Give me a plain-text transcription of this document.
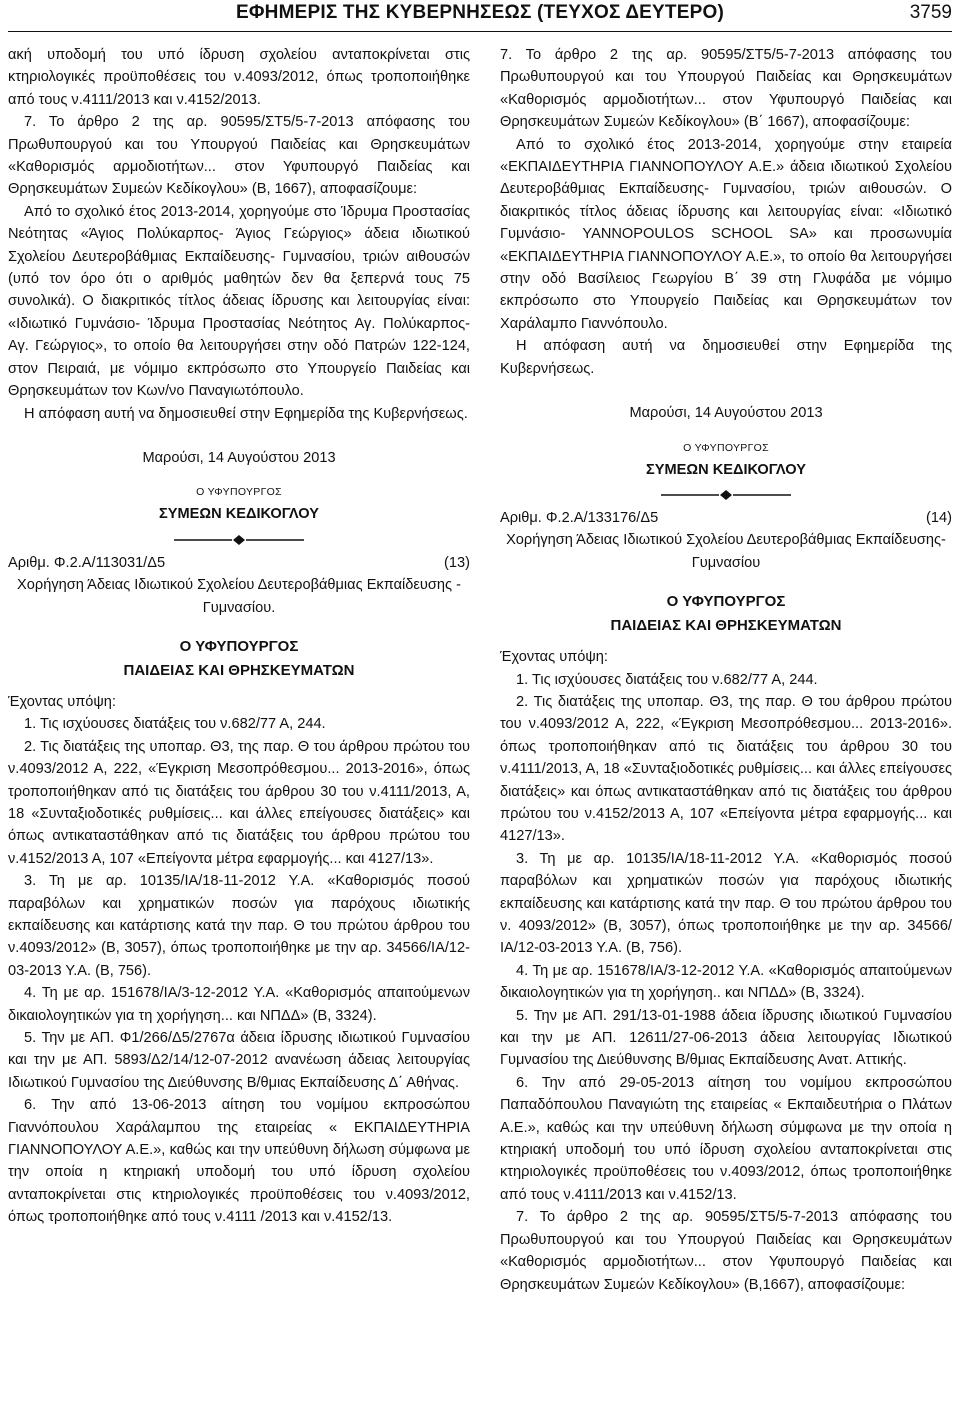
ΕΦΗΜΕΡΙΣ ΤΗΣ ΚΥΒΕΡΝΗΣΕΩΣ (ΤΕΥΧΟΣ ΔΕΥΤΕΡΟ)	3759

ακή υποδομή του υπό ίδρυση σχολείου ανταποκρίνεται στις κτηριολογικές προϋποθέσεις του ν.4093/2012, όπως τροποποιήθηκε από τους ν.4111/2013 και ν.4152/2013.

7. Το άρθρο 2 της αρ. 90595/ΣΤ5/5-7-2013 απόφασης του Πρωθυπουργού και του Υπουργού Παιδείας και Θρησκευμάτων «Καθορισμός αρμοδιοτήτων... στον Υφυπουργό Παιδείας και Θρησκευμάτων Συμεών Κεδίκογλου» (Β, 1667), αποφασίζουμε:

Από το σχολικό έτος 2013-2014, χορηγούμε στο Ίδρυμα Προστασίας Νεότητας «Άγιος Πολύκαρπος- Άγιος Γεώργιος» άδεια ιδιωτικού Σχολείου Δευτεροβάθμιας Εκπαίδευσης- Γυμνασίου, τριών αιθουσών (υπό τον όρο ότι ο αριθμός μαθητών δεν θα ξεπερνά τους 75 συνολικά). Ο διακριτικός τίτλος άδειας ίδρυσης και λειτουργίας είναι: «Ιδιωτικό Γυμνάσιο- Ίδρυμα Προστασίας Νεότητος Αγ. Πολύκαρπος- Αγ. Γεώργιος», το οποίο θα λειτουργήσει στην οδό Πατρών 122-124, στον Πειραιά, με νόμιμο εκπρόσωπο στο Υπουργείο Παιδείας και Θρησκευμάτων τον Κων/νο Παναγιωτόπουλο.

Η απόφαση αυτή να δημοσιευθεί στην Εφημερίδα της Κυβερνήσεως.

Μαρούσι, 14 Αυγούστου 2013

Ο ΥΦΥΠΟΥΡΓΟΣ

ΣΥΜΕΩΝ ΚΕΔΙΚΟΓΛΟΥ

Αριθμ. Φ.2.Α/113031/Δ5	(13)

Χορήγηση Άδειας Ιδιωτικού Σχολείου Δευτεροβάθμιας Εκπαίδευσης - Γυμνασίου.

Ο ΥΦΥΠΟΥΡΓΟΣ
ΠΑΙΔΕΙΑΣ ΚΑΙ ΘΡΗΣΚΕΥΜΑΤΩΝ

Έχοντας υπόψη:

1. Τις ισχύουσες διατάξεις του ν.682/77 Α, 244.

2. Τις διατάξεις της υποπαρ. Θ3, της παρ. Θ του άρθρου πρώτου του ν.4093/2012 Α, 222, «Έγκριση Μεσοπρόθεσμου... 2013-2016», όπως τροποποιήθηκαν από τις διατάξεις του άρθρου 30 του ν.4111/2013, Α, 18 «Συνταξιοδοτικές ρυθμίσεις... και άλλες επείγουσες διατάξεις» και όπως αντικαταστάθηκαν από τις διατάξεις του άρθρου πρώτου του ν.4152/2013 Α, 107 «Επείγοντα μέτρα εφαρμογής... και 4127/13».

3. Τη με αρ. 10135/ΙΑ/18-11-2012 Υ.Α. «Καθορισμός ποσού παραβόλων και χρηματικών ποσών για παρόχους ιδιωτικής εκπαίδευσης και κατάρτισης κατά την παρ. Θ του πρώτου άρθρου του ν.4093/2012» (Β, 3057), όπως τροποποιήθηκε με την αρ. 34566/ΙΑ/12-03-2013 Υ.Α. (Β, 756).

4. Τη με αρ. 151678/ΙΑ/3-12-2012 Υ.Α. «Καθορισμός απαιτούμενων δικαιολογητικών για τη χορήγηση... και ΝΠΔΔ» (Β, 3324).

5. Την με ΑΠ. Φ1/266/Δ5/2767α άδεια ίδρυσης ιδιωτικού Γυμνασίου και την με ΑΠ. 5893/Δ2/14/12-07-2012 ανανέωση άδειας λειτουργίας Ιδιωτικού Γυμνασίου της Διεύθυνσης Β/θμιας Εκπαίδευσης Δ΄ Αθήνας.

6. Την από 13-06-2013 αίτηση του νομίμου εκπροσώπου Γιαννόπουλου Χαράλαμπου της εταιρείας « ΕΚΠΑΙΔΕΥΤΗΡΙΑ ΓΙΑΝΝΟΠΟΥΛΟΥ Α.Ε.», καθώς και την υπεύθυνη δήλωση σύμφωνα με την οποία η κτηριακή υποδομή του υπό ίδρυση σχολείου ανταποκρίνεται στις κτηριολογικές προϋποθέσεις του ν.4093/2012, όπως τροποποιήθηκε από τους ν.4111 /2013 και ν.4152/13.

7. Το άρθρο 2 της αρ. 90595/ΣΤ5/5-7-2013 απόφασης του Πρωθυπουργού και του Υπουργού Παιδείας και Θρησκευμάτων «Καθορισμός αρμοδιοτήτων... στον Υφυπουργό Παιδείας και Θρησκευμάτων Συμεών Κεδίκογλου» (Β΄ 1667), αποφασίζουμε:

Από το σχολικό έτος 2013-2014, χορηγούμε στην εταιρεία «ΕΚΠΑΙΔΕΥΤΗΡΙΑ ΓΙΑΝΝΟΠΟΥΛΟΥ Α.Ε.» άδεια ιδιωτικού Σχολείου Δευτεροβάθμιας Εκπαίδευσης- Γυμνασίου, τριών αιθουσών. Ο διακριτικός τίτλος άδειας ίδρυσης και λειτουργίας είναι: «Ιδιωτικό Γυμνάσιο- YANNOPOULOS SCHOOL SA» και προσωνυμία «ΕΚΠΑΙΔΕΥΤΗΡΙΑ ΓΙΑΝΝΟΠΟΥΛΟΥ Α.Ε.», το οποίο θα λειτουργήσει στην οδό Βασίλειος Γεωργίου Β΄ 39 στη Γλυφάδα με νόμιμο εκπρόσωπο στο Υπουργείο Παιδείας και Θρησκευμάτων τον Χαράλαμπο Γιαννόπουλο.

Η απόφαση αυτή να δημοσιευθεί στην Εφημερίδα της Κυβερνήσεως.

Μαρούσι, 14 Αυγούστου 2013

Ο ΥΦΥΠΟΥΡΓΟΣ

ΣΥΜΕΩΝ ΚΕΔΙΚΟΓΛΟΥ

Αριθμ. Φ.2.Α/133176/Δ5	(14)

Χορήγηση Άδειας Ιδιωτικού Σχολείου Δευτεροβάθμιας Εκπαίδευσης- Γυμνασίου

Ο ΥΦΥΠΟΥΡΓΟΣ
ΠΑΙΔΕΙΑΣ ΚΑΙ ΘΡΗΣΚΕΥΜΑΤΩΝ

Έχοντας υπόψη:

1. Τις ισχύουσες διατάξεις του ν.682/77 Α, 244.

2. Τις διατάξεις της υποπαρ. Θ3, της παρ. Θ του άρθρου πρώτου του ν.4093/2012 Α, 222, «Έγκριση Μεσοπρόθεσμου... 2013-2016». όπως τροποποιήθηκαν από τις διατάξεις του άρθρου 30 του ν.4111/2013, Α, 18 «Συνταξιοδοτικές ρυθμίσεις... και άλλες επείγουσες διατάξεις» και όπως αντικαταστάθηκαν από τις διατάξεις του άρθρου πρώτου του ν.4152/2013 Α, 107 «Επείγοντα μέτρα εφαρμογής... και 4127/13».

3. Τη με αρ. 10135/ΙΑ/18-11-2012 Υ.Α. «Καθορισμός ποσού παραβόλων και χρηματικών ποσών για παρόχους ιδιωτικής εκπαίδευσης και κατάρτισης κατά την παρ. Θ του πρώτου άρθρου του ν. 4093/2012» (Β, 3057), όπως τροποποιήθηκε με την αρ. 34566/ΙΑ/12-03-2013 Υ.Α. (Β, 756).

4. Τη με αρ. 151678/ΙΑ/3-12-2012 Υ.Α. «Καθορισμός απαιτούμενων δικαιολογητικών για τη χορήγηση.. και ΝΠΔΔ» (Β, 3324).

5. Την με ΑΠ. 291/13-01-1988 άδεια ίδρυσης ιδιωτικού Γυμνασίου και την με ΑΠ. 12611/27-06-2013 άδεια λειτουργίας Ιδιωτικού Γυμνασίου της Διεύθυνσης Β/θμιας Εκπαίδευσης Ανατ. Αττικής.

6. Την από 29-05-2013 αίτηση του νομίμου εκπροσώπου Παπαδόπουλου Παναγιώτη της εταιρείας « Εκπαιδευτήρια ο Πλάτων Α.Ε.», καθώς και την υπεύθυνη δήλωση σύμφωνα με την οποία η κτηριακή υποδομή του υπό ίδρυση σχολείου ανταποκρίνεται στις κτηριολογικές προϋποθέσεις του ν.4093/2012, όπως τροποποιήθηκε από τους ν.4111/2013 και ν.4152/13.

7. Το άρθρο 2 της αρ. 90595/ΣΤ5/5-7-2013 απόφασης του Πρωθυπουργού και του Υπουργού Παιδείας και Θρησκευμάτων «Καθορισμός αρμοδιοτήτων... στον Υφυπουργό Παιδείας και Θρησκευμάτων Συμεών Κεδίκογλου» (Β,1667), αποφασίζουμε:
